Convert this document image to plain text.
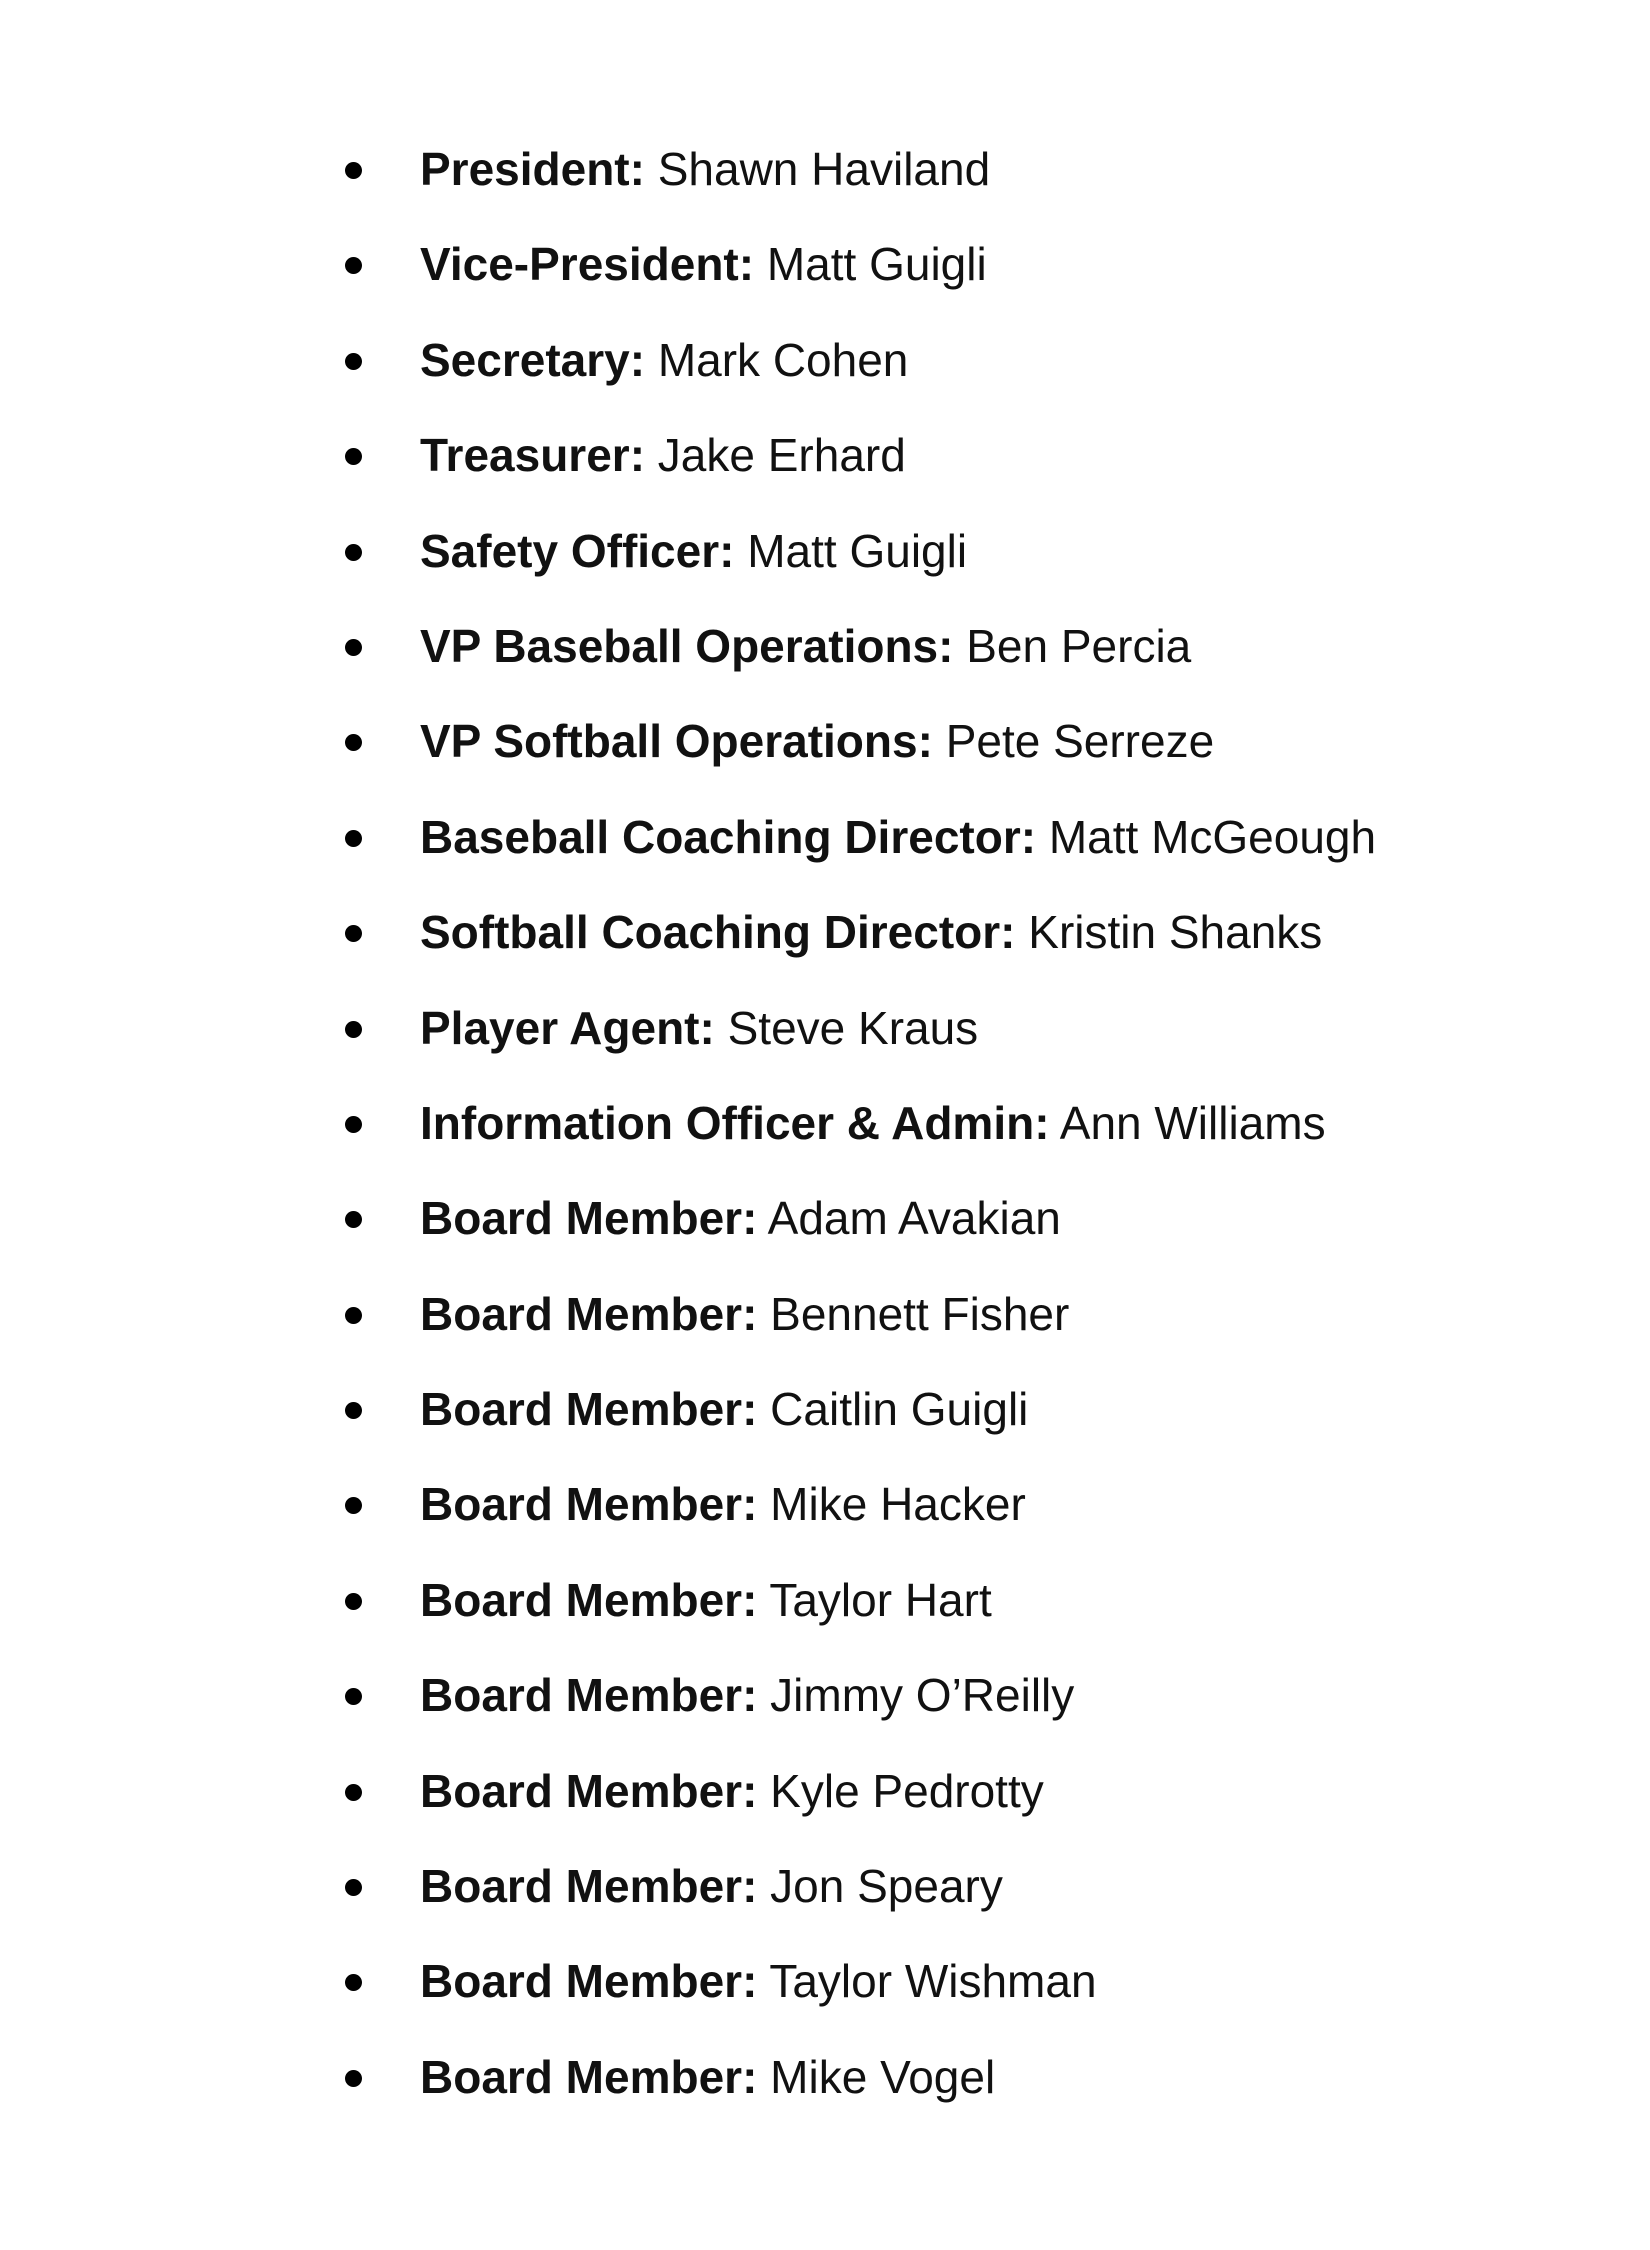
President: Shawn Haviland
Vice-President: Matt Guigli
Secretary: Mark Cohen
Treasurer: Jake Erhard
Safety Officer: Matt Guigli
VP Baseball Operations: Ben Percia
VP Softball Operations: Pete Serreze
Baseball Coaching Director: Matt McGeough
Softball Coaching Director: Kristin Shanks
Player Agent: Steve Kraus
Information Officer & Admin: Ann Williams
Board Member: Adam Avakian
Board Member: Bennett Fisher
Board Member: Caitlin Guigli
Board Member: Mike Hacker
Board Member: Taylor Hart
Board Member: Jimmy O’Reilly
Board Member: Kyle Pedrotty
Board Member: Jon Speary
Board Member: Taylor Wishman
Board Member: Mike Vogel
